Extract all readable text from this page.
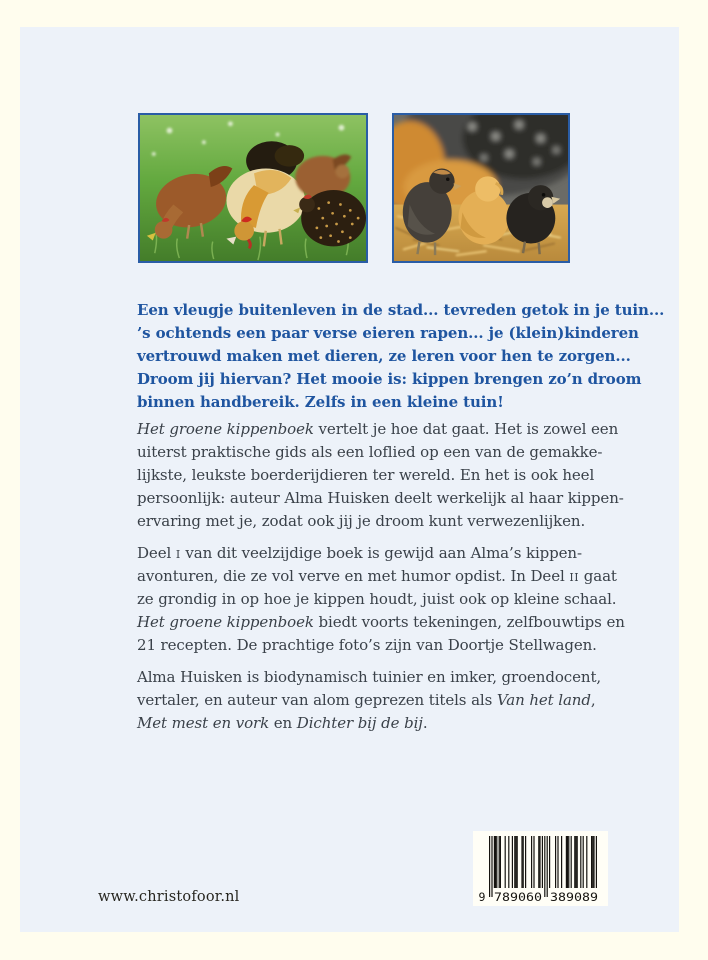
Een vleugje buitenleven in de stad... tevreden getok in je tuin...
’s ochtends een paar verse eieren rapen... je (klein)kinderen
vertrouwd maken met dieren, ze leren voor hen te zorgen...
Droom jij hiervan? Het mooie is: kippen brengen zo’n droom
binnen handbereik. Zelfs in een kleine tuin!

Het groene kippenboek vertelt je hoe dat gaat. Het is zowel een
uiterst praktische gids als een loflied op een van de gemakke-
lijkste, leukste boerderijdieren ter wereld. En het is ook heel
persoonlijk: auteur Alma Huisken deelt werkelijk al haar kippen-
ervaring met je, zodat ook jij je droom kunt verwezenlijken.

Deel i van dit veelzijdige boek is gewijd aan Alma’s kippen-
avonturen, die ze vol verve en met humor opdist. In Deel ii gaat
ze grondig in op hoe je kippen houdt, juist ook op kleine schaal.
Het groene kippenboek biedt voorts tekeningen, zelfbouwtips en
21 recepten. De prachtige foto’s zijn van Doortje Stellwagen.

Alma Huisken is biodynamisch tuinier en imker, groendocent,
vertaler, en auteur van alom geprezen titels als Van het land,
Met mest en vork en Dichter bij de bij.

www.christofoor.nl	9 789060 389089
